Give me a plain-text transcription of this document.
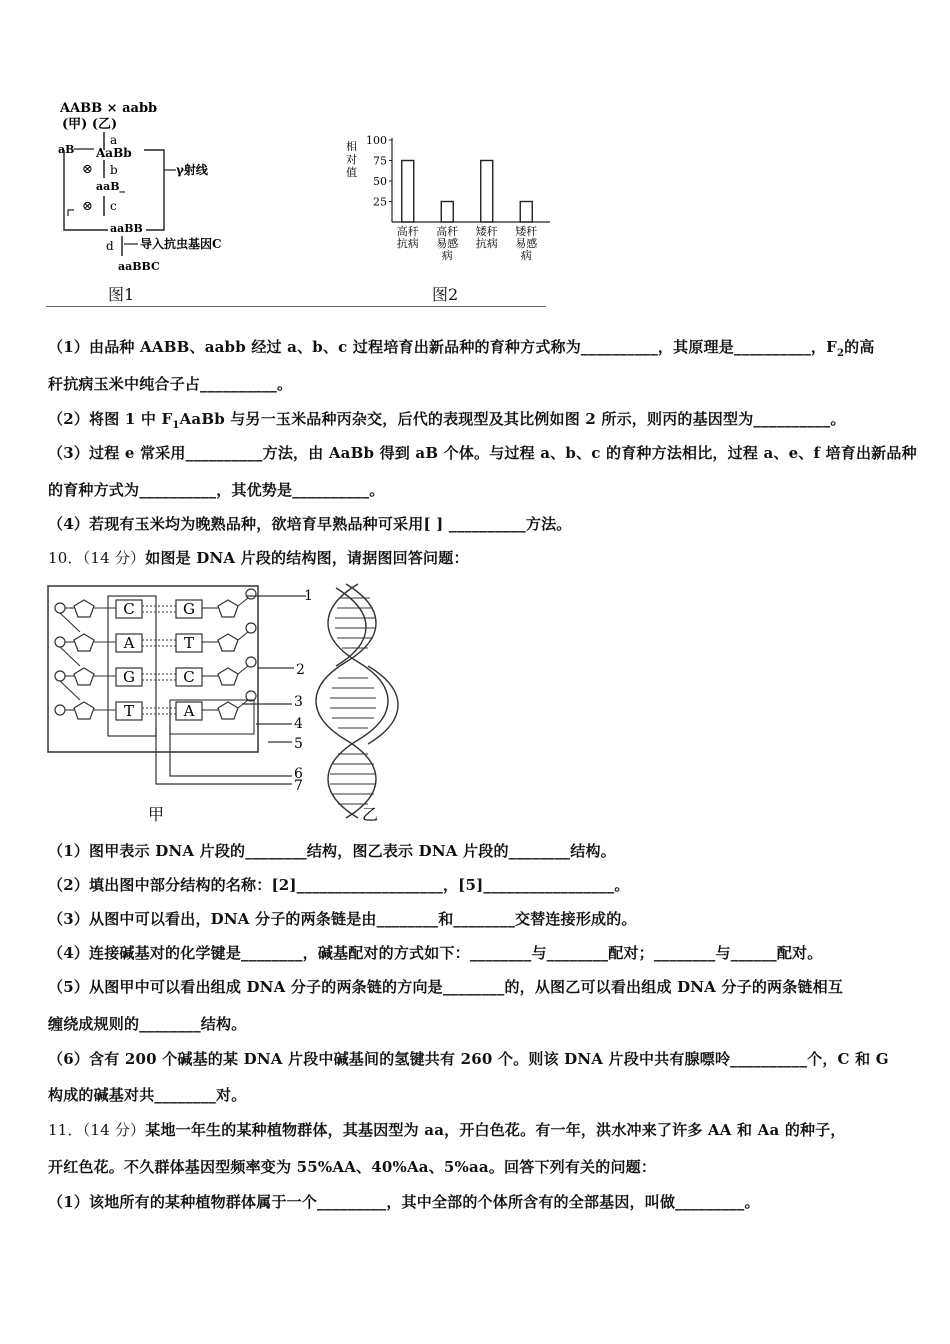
AABB × aabb
(甲) (乙)
a
AaBb
aB
⊗ b
aaB_
⊗ c
aaBB
γ射线
d 导入抗虫基因C
aaBBC
图1
相
对
值
25
50
75
100
高秆
抗病
高秆
易感
病
矮秆
抗病
矮秆
易感
病
图2
（1）由品种 AABB、aabb 经过 a、b、c 过程培育出新品种的育种方式称为__________，其原理是__________，$F_2$的高
秆抗病玉米中纯合子占__________。
（2）将图 1 中 $F_1AaBb$ 与另一玉米品种丙杂交，后代的表现型及其比例如图 2 所示，则丙的基因型为__________。
（3）过程 e 常采用__________方法，由 AaBb 得到 aB 个体。与过程 a、b、c 的育种方法相比，过程 a、e、f 培育出新品种
的育种方式为__________，其优势是__________。
（4）若现有玉米均为晚熟品种，欲培育早熟品种可采用[ ] __________方法。
10．（14 分）如图是 DNA 片段的结构图，请据图回答问题：
C	G
A	T
G	C
T	A
1
2
3
4
5
6
7
甲	乙
（1）图甲表示 DNA 片段的________结构，图乙表示 DNA 片段的________结构。
（2）填出图中部分结构的名称：[2]___________________，[5]_________________。
（3）从图中可以看出，DNA 分子的两条链是由________和________交替连接形成的。
（4）连接碱基对的化学键是________，碱基配对的方式如下：________与________配对；________与______配对。
（5）从图甲中可以看出组成 DNA 分子的两条链的方向是________的，从图乙可以看出组成 DNA 分子的两条链相互
缠绕成规则的________结构。
（6）含有 200 个碱基的某 DNA 片段中碱基间的氢键共有 260 个。则该 DNA 片段中共有腺嘌呤__________个，C 和 G
构成的碱基对共________对。
11．（14 分）某地一年生的某种植物群体，其基因型为 aa，开白色花。有一年，洪水冲来了许多 AA 和 Aa 的种子，
开红色花。不久群体基因型频率变为 55%AA、40%Aa、5%aa。回答下列有关的问题：
（1）该地所有的某种植物群体属于一个_________，其中全部的个体所含有的全部基因，叫做_________。
